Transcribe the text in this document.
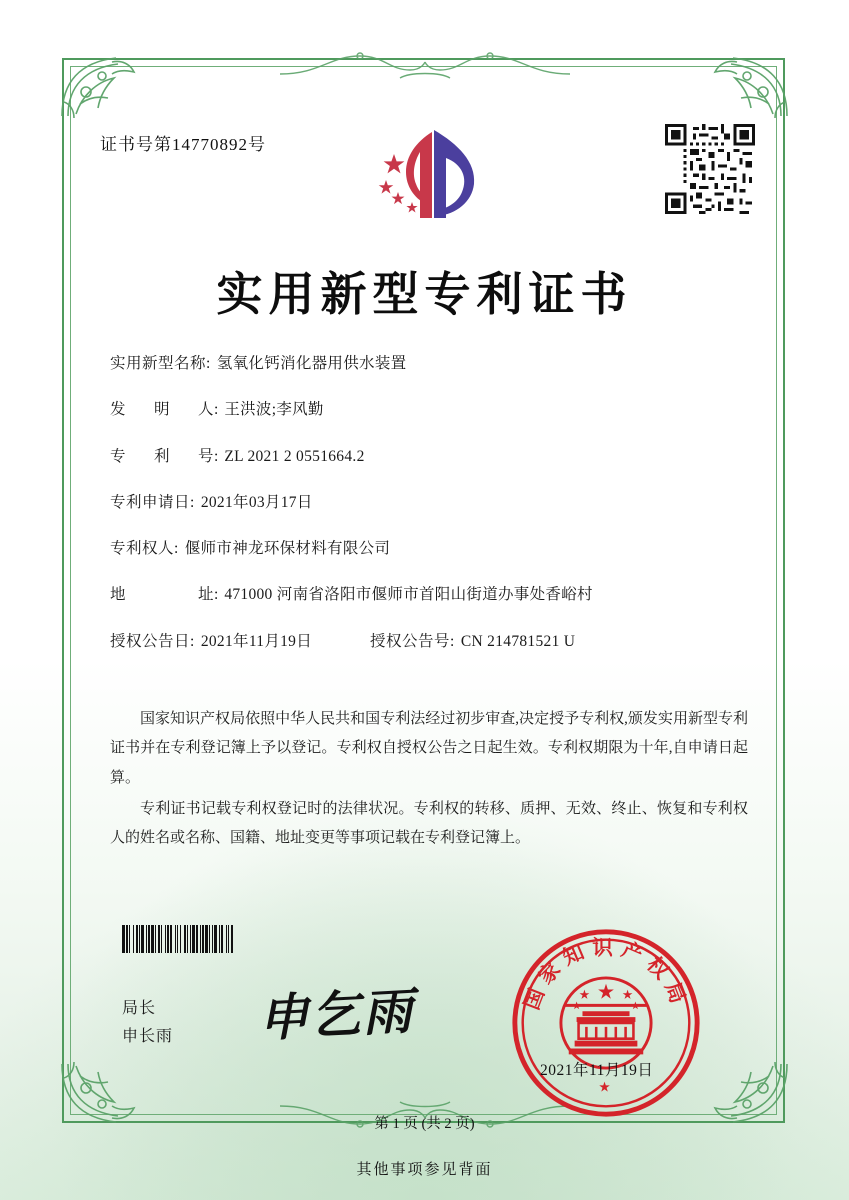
证书号第14770892号
实用新型专利证书
实用新型名称: 氢氧化钙消化器用供水装置
发明人 : 王洪波;李风勤
专利号 : ZL 2021 2 0551664.2
专利申请日: 2021年03月17日
专利权人: 偃师市神龙环保材料有限公司
地址 : 471000 河南省洛阳市偃师市首阳山街道办事处香峪村
授权公告日: 2021年11月19日	授权公告号: CN 214781521 U

国家知识产权局依照中华人民共和国专利法经过初步审查,决定授予专利权,颁发实用新型专利证书并在专利登记簿上予以登记。专利权自授权公告之日起生效。专利权期限为十年,自申请日起算。

专利证书记载专利权登记时的法律状况。专利权的转移、质押、无效、终止、恢复和专利权人的姓名或名称、国籍、地址变更等事项记载在专利登记簿上。

局长
申长雨 申乞雨	国家知识产权局
★
2021年11月19日
第 1 页 (共 2 页)
其他事项参见背面
